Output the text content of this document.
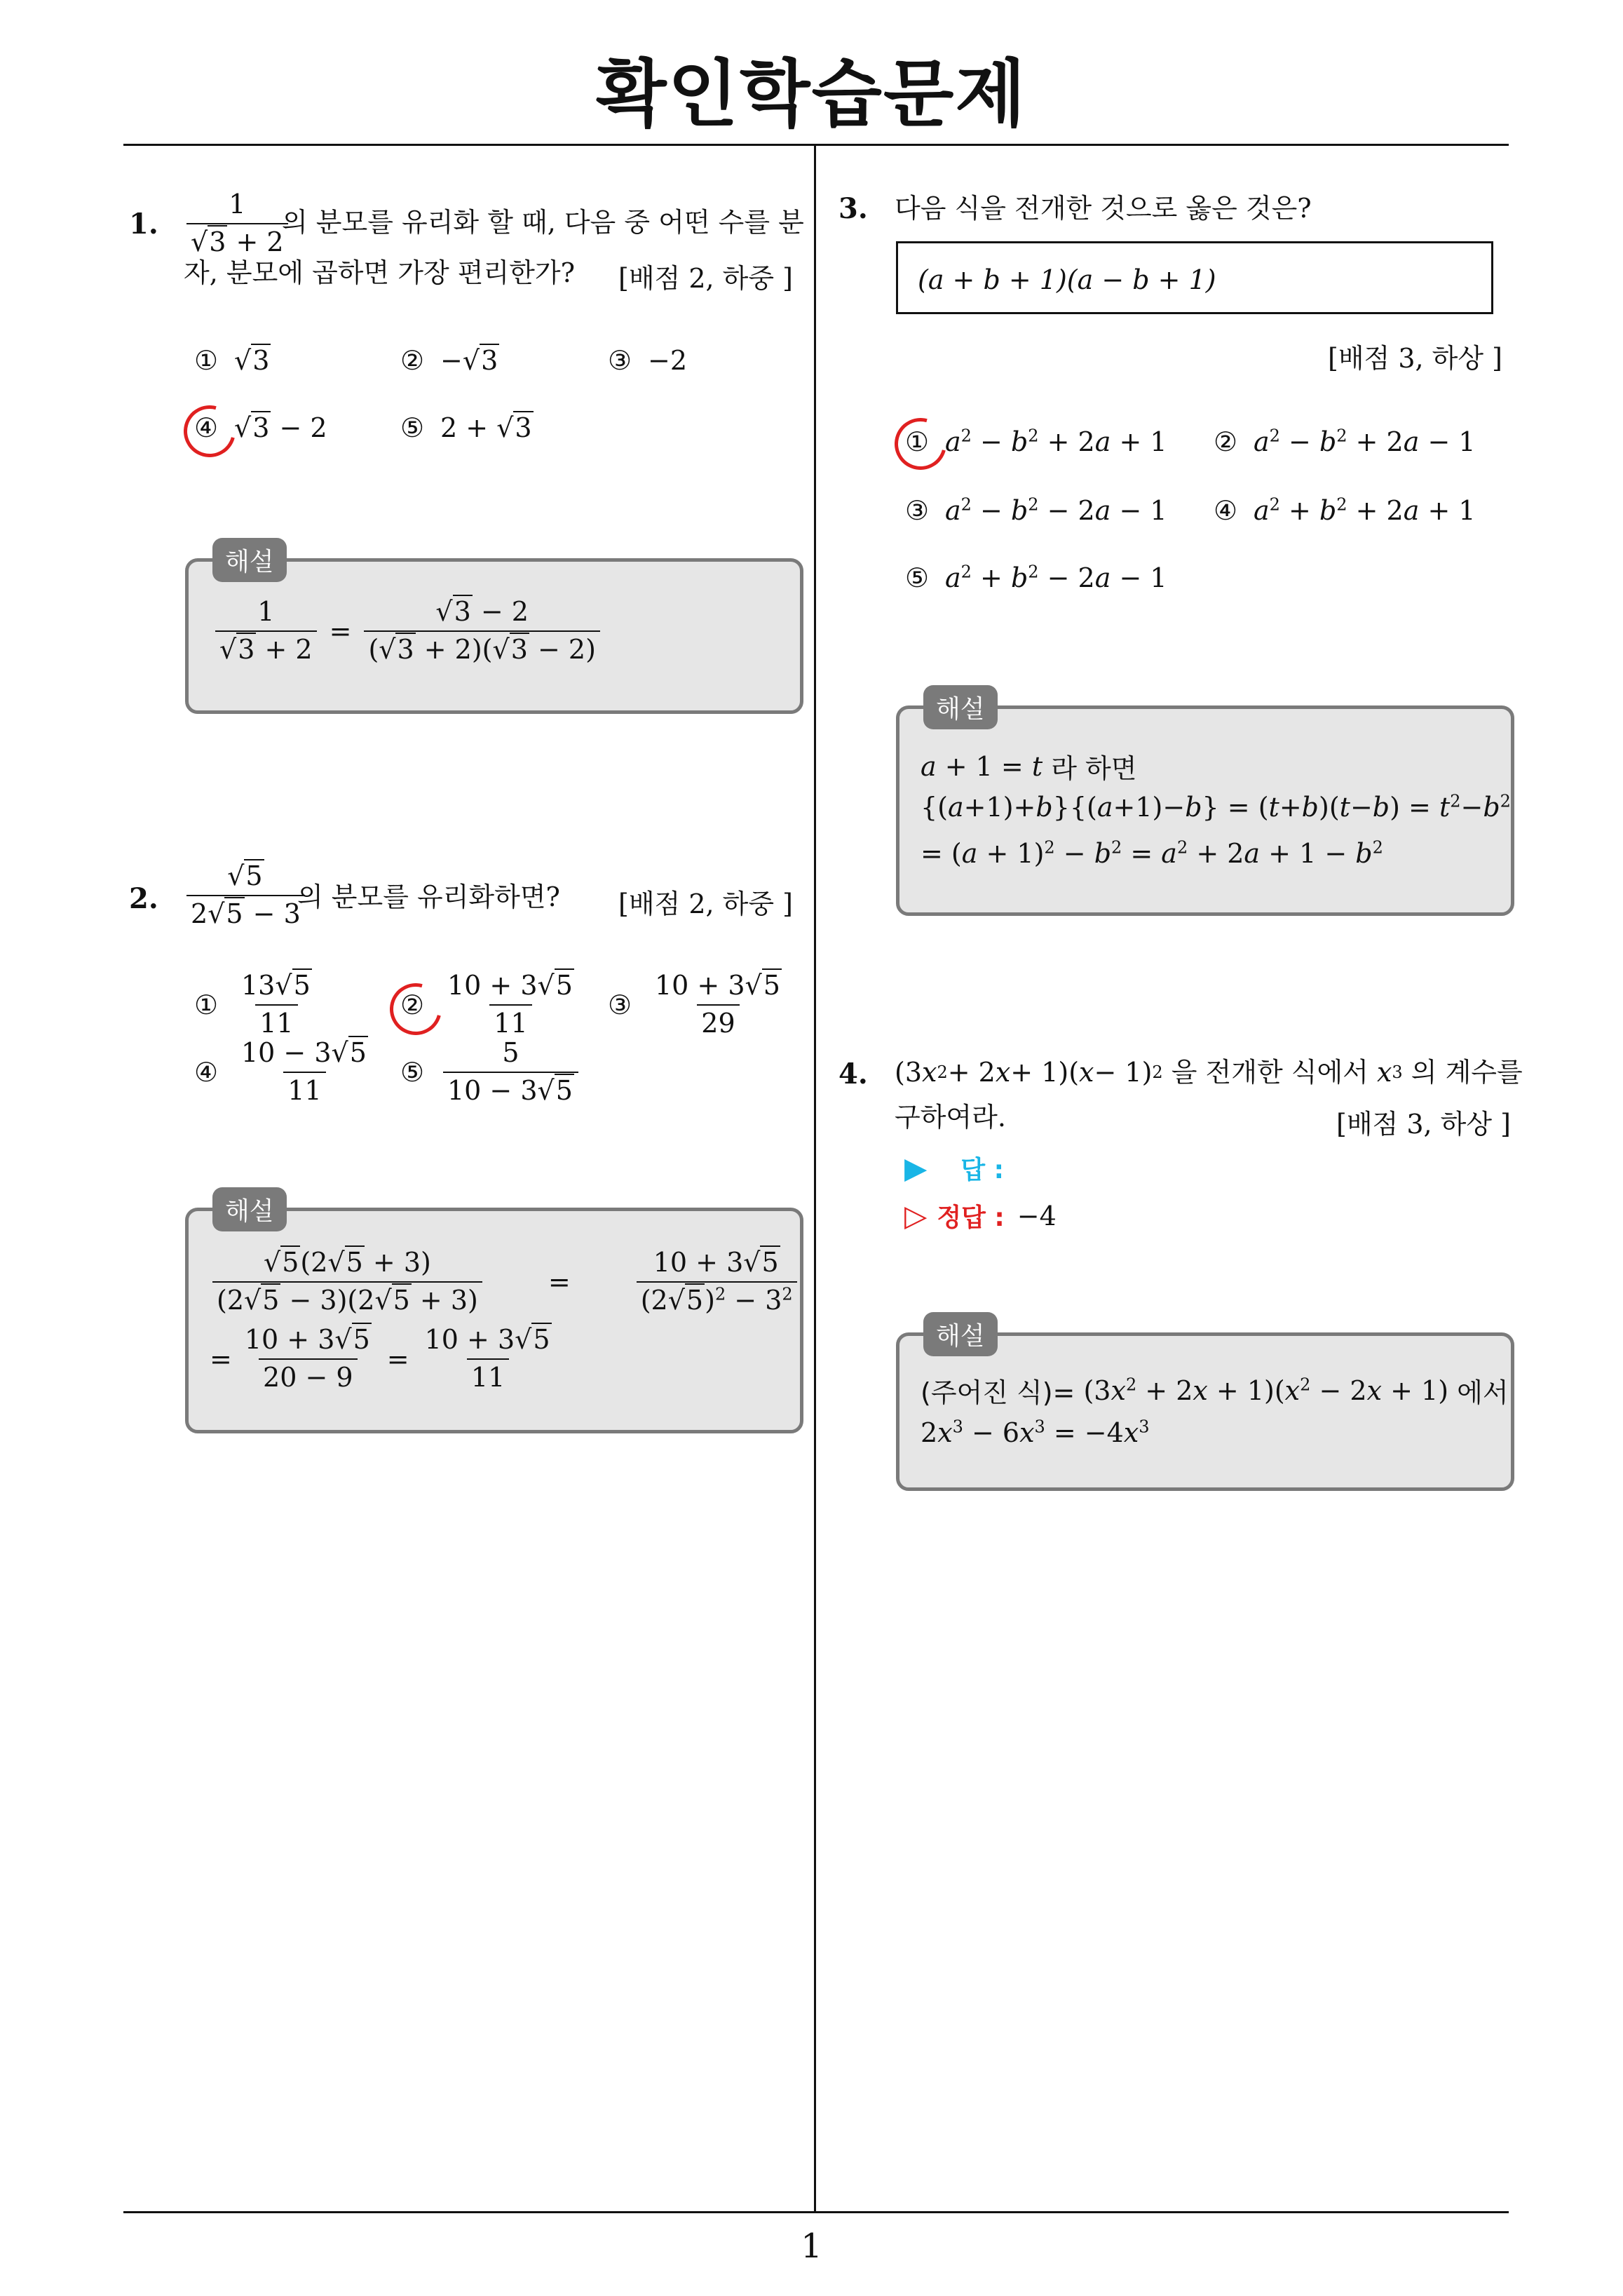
확인학습문제
1
1. $\frac{1}{√3 + 2}$
의 분모를 유리화 할 때, 다음 중 어떤 수를 분
자, 분모에 곱하면 가장 편리한가? [배점 2, 하중 ]
① √3	② −√3	③ −2
④ √3 − 2	⑤ 2 + √3
해설
$\frac{1}{√3 + 2} = \frac{√3 - 2}{(√3 + 2)(√3 - 2)}$
2. $\frac{√5}{2√5 - 3}$
의 분모를 유리화하면? [배점 2, 하중 ]
① $\frac{13√5}{11}$	② $\frac{10 + 3√5}{11}$ ③ $\frac{10 + 3√5}{29}$
④ $\frac{10 - 3√5}{11}$ ⑤ $\frac{5}{10 - 3√5}$
해설
$\frac{√5(2√5 + 3)}{(2√5 - 3)(2√5 + 3)} = \frac{10 + 3√5}{(2√5)^2 - 3^2}$
= $\frac{10 + 3√5}{20 - 9} = \frac{10 + 3√5}{11}$
3. 다음 식을 전개한 것으로 옳은 것은?
(a + b + 1)(a − b + 1)
[배점 3, 하상 ]
① $a^2 - b^2 + 2a + 1$ ② $a^2 - b^2 + 2a - 1$
③ $a^2 - b^2 - 2a - 1$ ④ $a^2 + b^2 + 2a + 1$
⑤ $a^2 + b^2 - 2a - 1$
해설
a + 1 = t 라 하면
$\{(a+1)+b\}\{(a+1)-b\} = (t+b)(t-b) = t^2-b^2$
= $(a + 1)^2 - b^2 = a^2 + 2a + 1 - b^2$
4. (3 x 2 + 2 x + 1)( x − 1) 2
을 전개한 식에서
x 3
의 계수를
구하여라.	[배점 3, 하상 ]
▶ 답 :
▷ 정답 : −4
해설
(주어진 식)= $(3x^2 + 2x + 1)(x^2 - 2x + 1)$ 에서
$2x^3 - 6x^3 = -4x^3$
